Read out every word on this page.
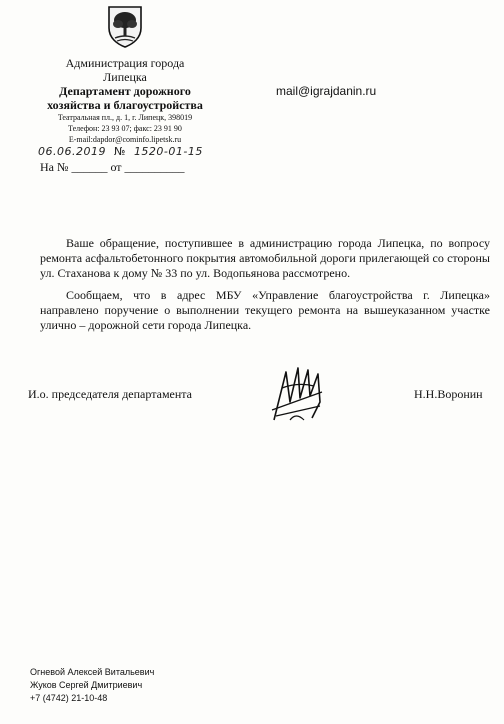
Администрация города
Липецка
Департамент дорожного
хозяйства и благоустройства
Театральная пл., д. 1, г. Липецк, 398019
Телефон: 23 93 07; факс: 23 91 90
E-mail:dapdor@cominfo.lipetsk.ru
mail@igrajdanin.ru
06.06.2019 № 1520-01-15
На № ______ от __________

Ваше обращение, поступившее в администрацию города Липецка, по вопросу ремонта асфальтобетонного покрытия автомобильной дороги прилегающей со стороны ул. Стаханова к дому № 33 по ул. Водопьянова рассмотрено.

Сообщаем, что в адрес МБУ «Управление благоустройства г. Липецка» направлено поручение о выполнении текущего ремонта на вышеуказанном участке улично – дорожной сети города Липецка.

И.о. председателя департамента	Н.Н.Воронин
Огневой Алексей Витальевич
Жуков Сергей Дмитриевич
+7 (4742) 21-10-48
